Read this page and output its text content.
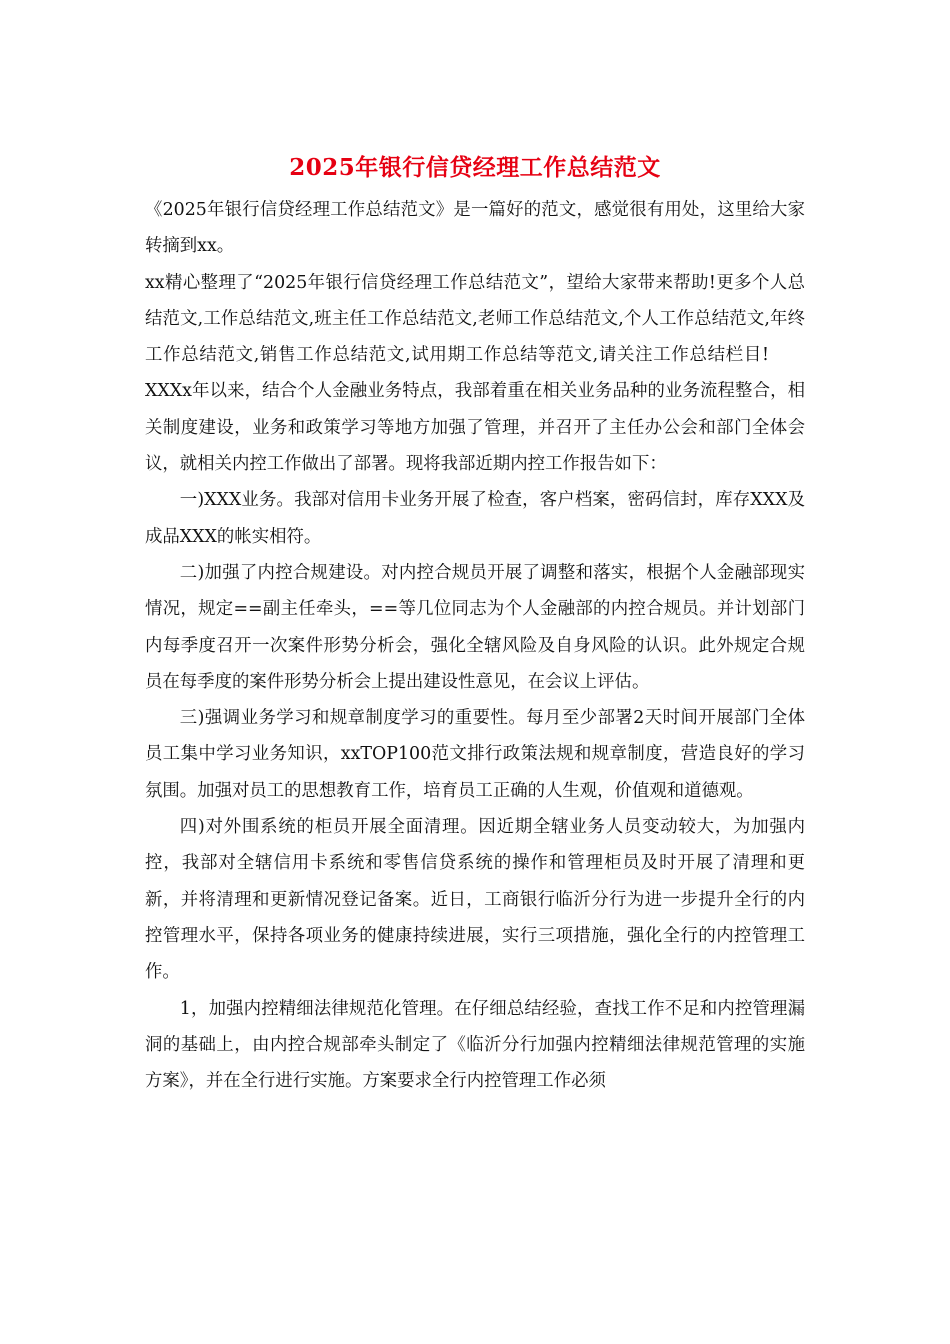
2025年银行信贷经理工作总结范文

《2025年银行信贷经理工作总结范文》是一篇好的范文，感觉很有用处，这里给大家转摘到xx。

xx精心整理了“2025年银行信贷经理工作总结范文”，望给大家带来帮助!更多个人总结范文,工作总结范文,班主任工作总结范文,老师工作总结范文,个人工作总结范文,年终工作总结范文,销售工作总结范文,试用期工作总结等范文,请关注工作总结栏目!XXXx年以来，结合个人金融业务特点，我部着重在相关业务品种的业务流程整合，相关制度建设，业务和政策学习等地方加强了管理，并召开了主任办公会和部门全体会议，就相关内控工作做出了部署。现将我部近期内控工作报告如下：

一)XXX业务。我部对信用卡业务开展了检查，客户档案，密码信封，库存XXX及成品XXX的帐实相符。

二)加强了内控合规建设。对内控合规员开展了调整和落实，根据个人金融部现实情况，规定==副主任牵头，==等几位同志为个人金融部的内控合规员。并计划部门内每季度召开一次案件形势分析会，强化全辖风险及自身风险的认识。此外规定合规员在每季度的案件形势分析会上提出建设性意见，在会议上评估。

三)强调业务学习和规章制度学习的重要性。每月至少部署2天时间开展部门全体员工集中学习业务知识，xxTOP100范文排行政策法规和规章制度，营造良好的学习氛围。加强对员工的思想教育工作，培育员工正确的人生观，价值观和道德观。

四)对外围系统的柜员开展全面清理。因近期全辖业务人员变动较大，为加强内控，我部对全辖信用卡系统和零售信贷系统的操作和管理柜员及时开展了清理和更新，并将清理和更新情况登记备案。近日，工商银行临沂分行为进一步提升全行的内控管理水平，保持各项业务的健康持续进展，实行三项措施，强化全行的内控管理工作。

1，加强内控精细法律规范化管理。在仔细总结经验，查找工作不足和内控管理漏洞的基础上，由内控合规部牵头制定了《临沂分行加强内控精细法律规范管理的实施方案》，并在全行进行实施。方案要求全行内控管理工作必须
